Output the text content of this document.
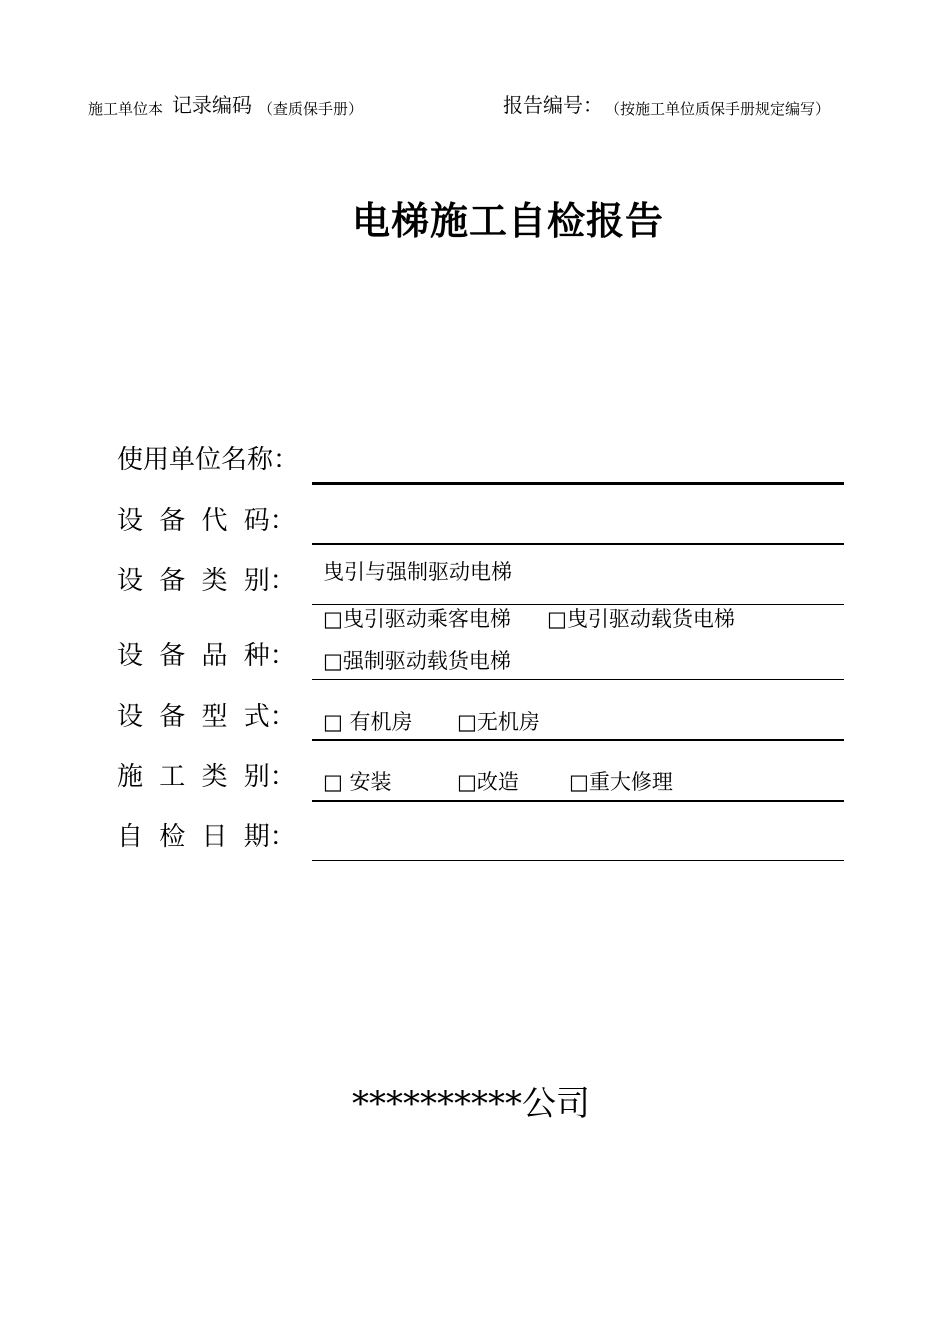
施工单位本 记录编码 （查质保手册）	报告编号： （按施工单位质保手册规定编写）
电梯施工自检报告
使用单位名称：
设 备 代 码：
设 备 类 别： 曳引与强制驱动电梯
□曳引驱动乘客电梯 □曳引驱动载货电梯
设 备 品 种： □强制驱动载货电梯
设 备 型 式： □ 有机房 □无机房
施 工 类 别： □ 安装	□改造 □重大修理
自 检 日 期：
**********公司
